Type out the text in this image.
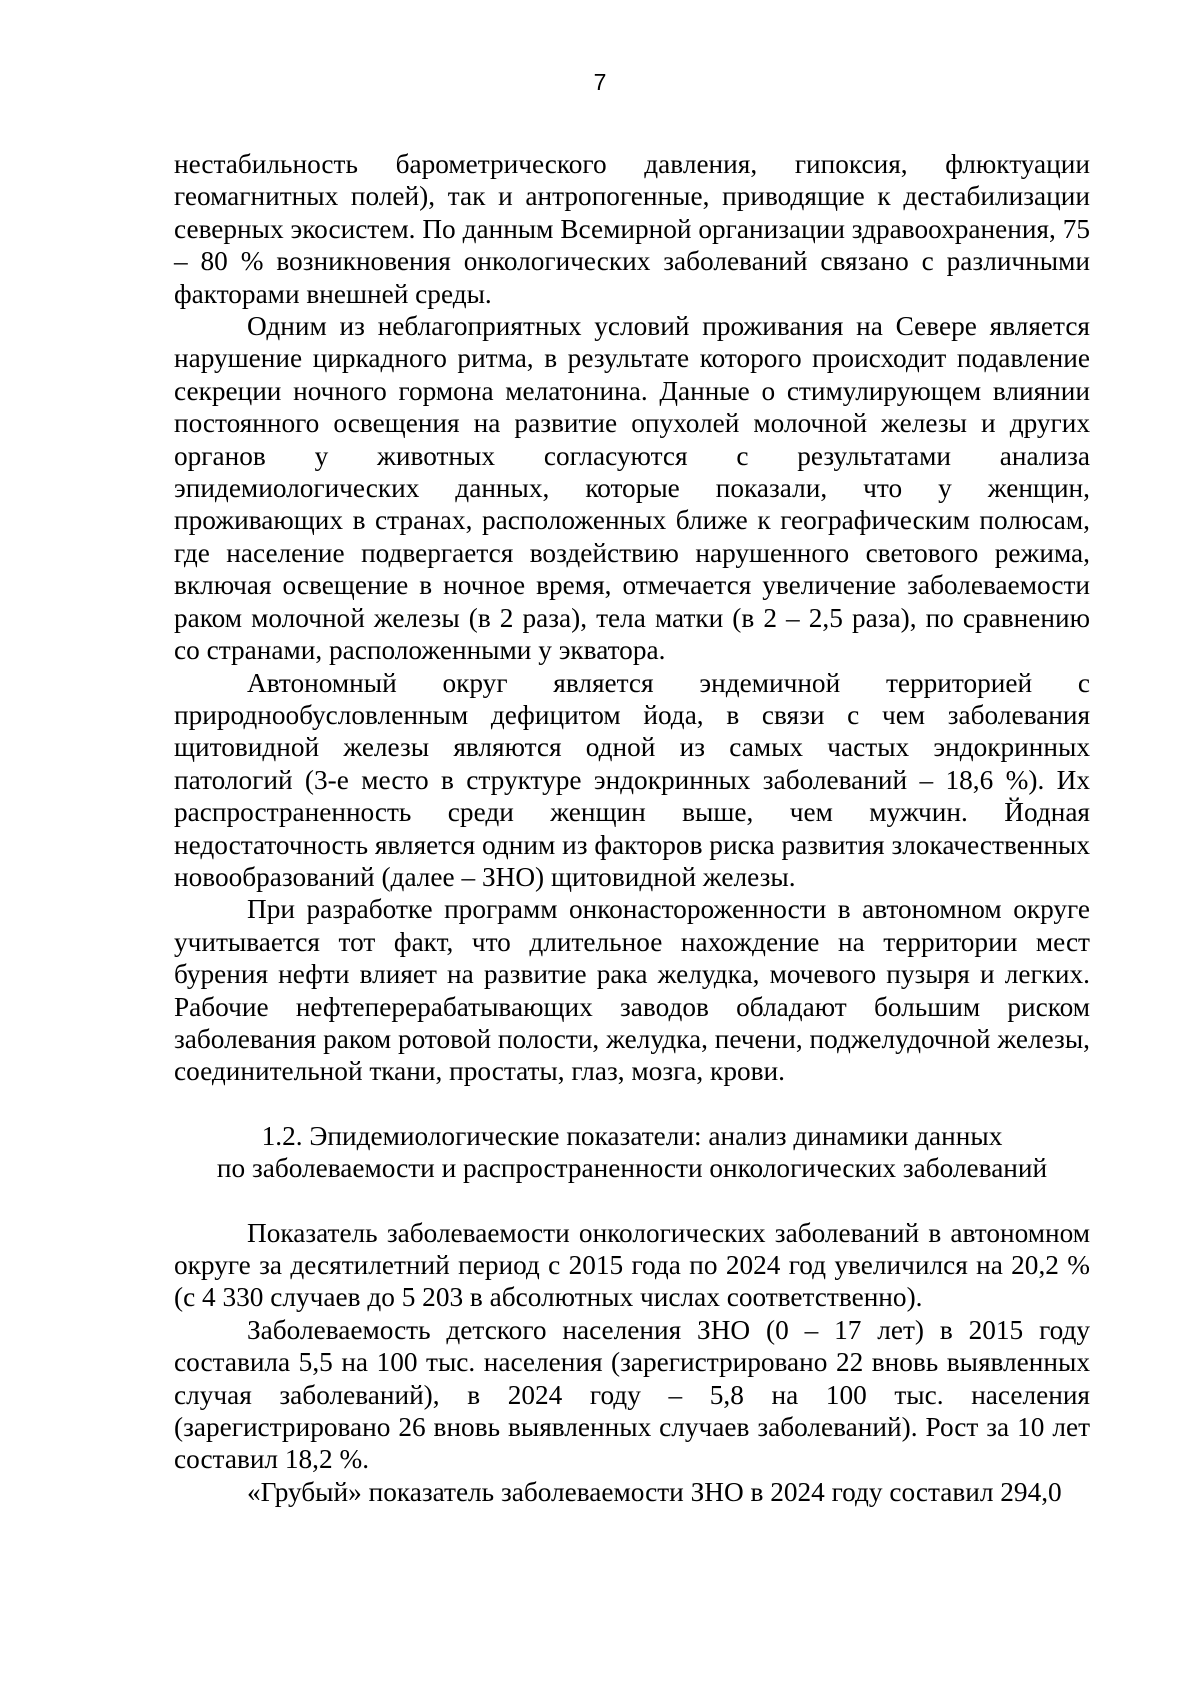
7

нестабильность барометрического давления, гипоксия, флюктуации геомагнитных полей), так и антропогенные, приводящие к дестабилизации северных экосистем. По данным Всемирной организации здравоохранения, 75 – 80 % возникновения онкологических заболеваний связано с различными факторами внешней среды.

Одним из неблагоприятных условий проживания на Севере является нарушение циркадного ритма, в результате которого происходит подавление секреции ночного гормона мелатонина. Данные о стимулирующем влиянии постоянного освещения на развитие опухолей молочной железы и других органов у животных согласуются с результатами анализа эпидемиологических данных, которые показали, что у женщин, проживающих в странах, расположенных ближе к географическим полюсам, где население подвергается воздействию нарушенного светового режима, включая освещение в ночное время, отмечается увеличение заболеваемости раком молочной железы (в 2 раза), тела матки (в 2 – 2,5 раза), по сравнению со странами, расположенными у экватора.

Автономный округ является эндемичной территорией с природнообусловленным дефицитом йода, в связи с чем заболевания щитовидной железы являются одной из самых частых эндокринных патологий (3-е место в структуре эндокринных заболеваний – 18,6 %). Их распространенность среди женщин выше, чем мужчин. Йодная недостаточность является одним из факторов риска развития злокачественных новообразований (далее – ЗНО) щитовидной железы.

При разработке программ онконастороженности в автономном округе учитывается тот факт, что длительное нахождение на территории мест бурения нефти влияет на развитие рака желудка, мочевого пузыря и легких. Рабочие нефтеперерабатывающих заводов обладают большим риском заболевания раком ротовой полости, желудка, печени, поджелудочной железы, соединительной ткани, простаты, глаз, мозга, крови.

1.2. Эпидемиологические показатели: анализ динамики данных
по заболеваемости и распространенности онкологических заболеваний

Показатель заболеваемости онкологических заболеваний в автономном округе за десятилетний период с 2015 года по 2024 год увеличился на 20,2 % (с 4 330 случаев до 5 203 в абсолютных числах соответственно).

Заболеваемость детского населения ЗНО (0 – 17 лет) в 2015 году составила 5,5 на 100 тыс. населения (зарегистрировано 22 вновь выявленных случая заболеваний), в 2024 году – 5,8 на 100 тыс. населения (зарегистрировано 26 вновь выявленных случаев заболеваний). Рост за 10 лет составил 18,2 %.

«Грубый» показатель заболеваемости ЗНО в 2024 году составил 294,0
